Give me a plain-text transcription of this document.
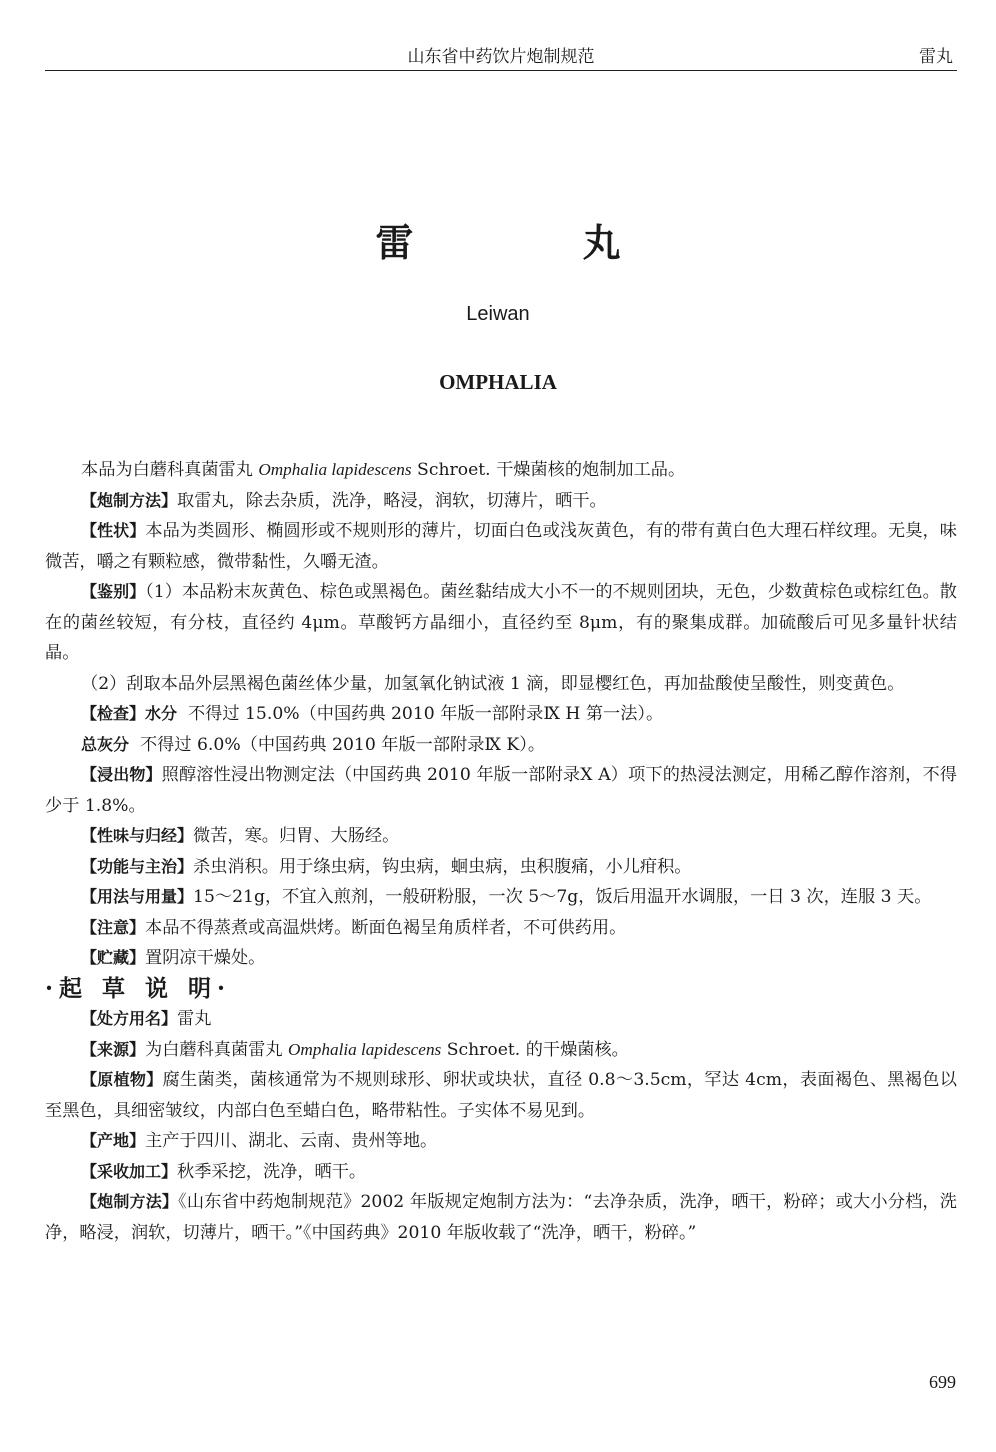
山东省中药饮片炮制规范	雷丸
雷 丸
Leiwan
OMPHALIA

本品为白蘑科真菌雷丸 Omphalia lapidescens Schroet. 干燥菌核的炮制加工品。

【炮制方法】取雷丸，除去杂质，洗净，略浸，润软，切薄片，晒干。

【性状】本品为类圆形、椭圆形或不规则形的薄片，切面白色或浅灰黄色，有的带有黄白色大理石样纹理。无臭，味微苦，嚼之有颗粒感，微带黏性，久嚼无渣。

【鉴别】（1）本品粉末灰黄色、棕色或黑褐色。菌丝黏结成大小不一的不规则团块，无色，少数黄棕色或棕红色。散在的菌丝较短，有分枝，直径约 4μm。草酸钙方晶细小，直径约至 8μm，有的聚集成群。加硫酸后可见多量针状结晶。

（2）刮取本品外层黑褐色菌丝体少量，加氢氧化钠试液 1 滴，即显樱红色，再加盐酸使呈酸性，则变黄色。

【检查】水分 不得过 15.0%（中国药典 2010 年版一部附录Ⅸ H 第一法）。

总灰分 不得过 6.0%（中国药典 2010 年版一部附录Ⅸ K）。

【浸出物】照醇溶性浸出物测定法（中国药典 2010 年版一部附录Ⅹ A）项下的热浸法测定，用稀乙醇作溶剂，不得少于 1.8%。

【性味与归经】微苦，寒。归胃、大肠经。

【功能与主治】杀虫消积。用于绦虫病，钩虫病，蛔虫病，虫积腹痛，小儿疳积。

【用法与用量】15～21g，不宜入煎剂，一般研粉服，一次 5～7g，饭后用温开水调服，一日 3 次，连服 3 天。

【注意】本品不得蒸煮或高温烘烤。断面色褐呈角质样者，不可供药用。

【贮藏】置阴凉干燥处。

·起 草 说 明·

【处方用名】雷丸

【来源】为白蘑科真菌雷丸 Omphalia lapidescens Schroet. 的干燥菌核。

【原植物】腐生菌类，菌核通常为不规则球形、卵状或块状，直径 0.8～3.5cm，罕达 4cm，表面褐色、黑褐色以至黑色，具细密皱纹，内部白色至蜡白色，略带粘性。子实体不易见到。

【产地】主产于四川、湖北、云南、贵州等地。

【采收加工】秋季采挖，洗净，晒干。

【炮制方法】《山东省中药炮制规范》2002 年版规定炮制方法为：“去净杂质，洗净，晒干，粉碎；或大小分档，洗净，略浸，润软，切薄片，晒干。”《中国药典》2010 年版收载了“洗净，晒干，粉碎。”

699
